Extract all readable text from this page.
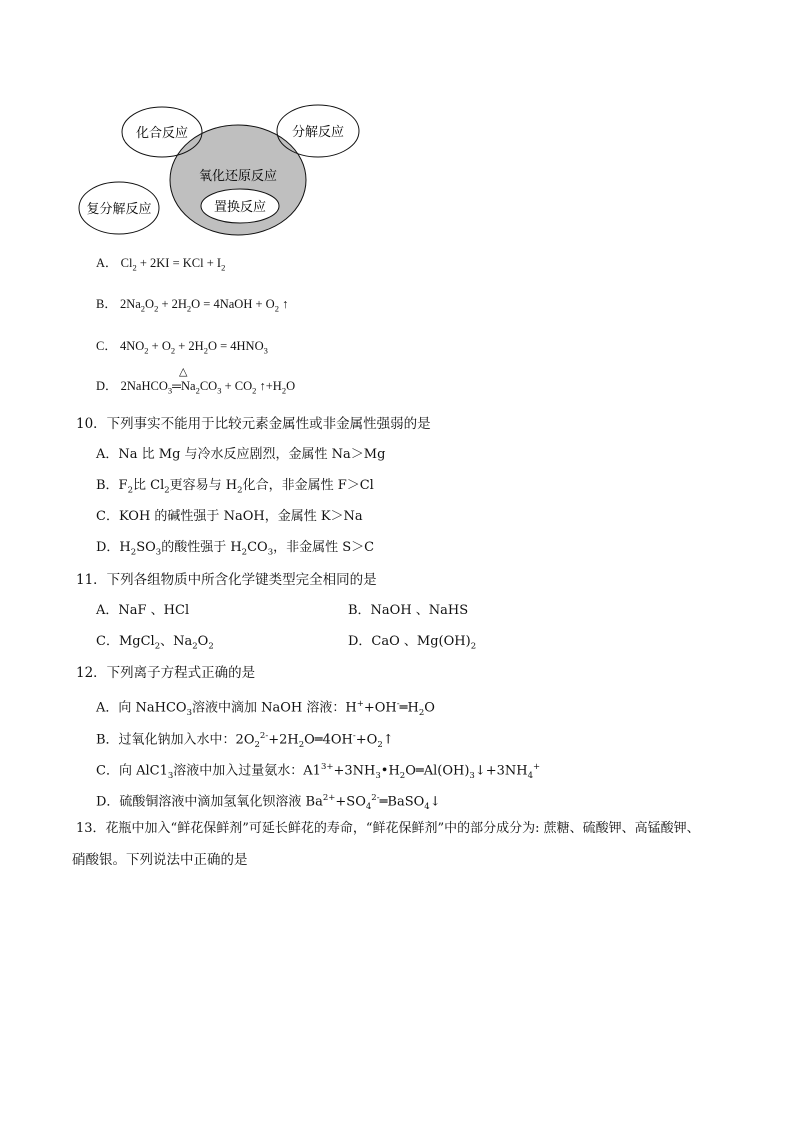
化合反应	分解反应
氧化还原反应
置换反应
复分解反应
A． $Cl_2 + 2KI$ = KCl + $I_2$
B． $2Na_2O_2 + 2H_2O$ = 4NaOH + $O_2$ ↑
C． $4NO_2 + O_2 + 2H_2O = 4HNO_3$
△
D． $2NaHCO_3═Na_2CO_3 + CO_2$ $↑+H_2O$
10．下列事实不能用于比较元素金属性或非金属性强弱的是
A．Na 比 Mg 与冷水反应剧烈，金属性 Na＞Mg
B．$F_2$比 $Cl_2$更容易与 $H_2$化合，非金属性 F＞Cl
C．KOH 的碱性强于 NaOH，金属性 K＞Na
D．$H_2SO_3$的酸性强于 $H_2CO_3$，非金属性 S＞C
11．下列各组物质中所含化学键类型完全相同的是
A．NaF 、HCl	B．NaOH 、NaHS
C．MgCl$_2$、$Na_2O_2$	D．CaO 、$Mg(OH)_2$
12．下列离子方程式正确的是
A．向 NaHCO$_3$溶液中滴加 NaOH 溶液：$H^++OH^-═H_2O$
B．过氧化钠加入水中：$2O_2^{2-}+2H_2O═4OH^-+O_2↑$
C．向 $AlC1_3$溶液中加入过量氨水：$A1^{3+}+3NH_3•H_2O═Al(OH)_3↓+3NH_4^+$
D．硫酸铜溶液中滴加氢氧化钡溶液 $Ba^{2+}+SO_4^{2-}═BaSO_4↓$
13．花瓶中加入“鲜花保鲜剂”可延长鲜花的寿命，“鲜花保鲜剂”中的部分成分为: 蔗糖、硫酸钾、高锰酸钾、
硝酸银。下列说法中正确的是
